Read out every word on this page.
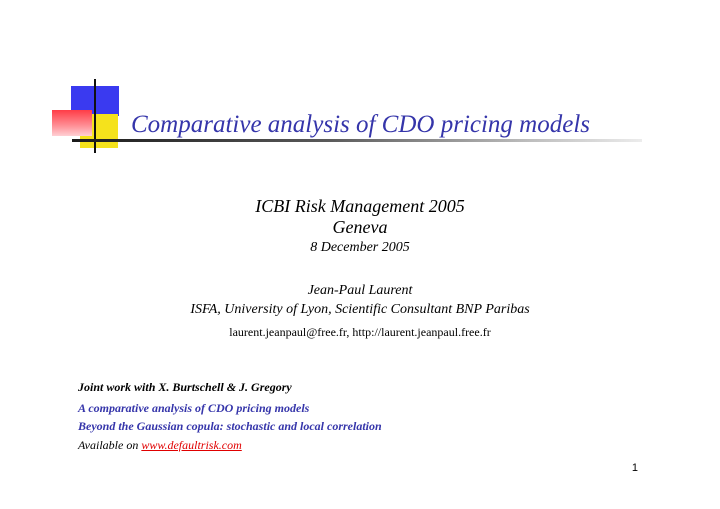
Comparative analysis of CDO pricing models
ICBI Risk Management 2005
Geneva
8 December 2005
Jean-Paul Laurent
ISFA, University of Lyon, Scientific Consultant BNP Paribas
laurent.jeanpaul@free.fr, http://laurent.jeanpaul.free.fr
Joint work with X. Burtschell & J. Gregory
A comparative analysis of CDO pricing models
Beyond the Gaussian copula: stochastic and local correlation
Available on www.defaultrisk.com
1
